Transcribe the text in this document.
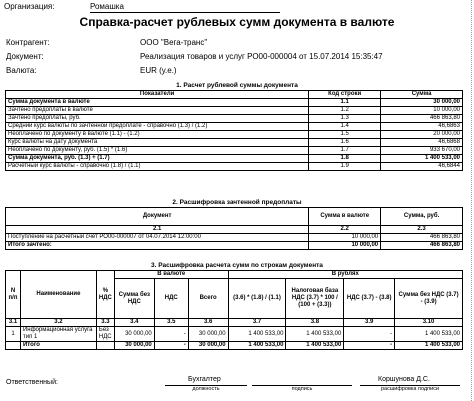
Организация:	Ромашка
Справка-расчет рублевых сумм документа в валюте
Контрагент:	ООО "Вега-транс"
Документ:	Реализация товаров и услуг РО00-000004 от 15.07.2014 15:35:47
Валюта:	EUR (у.е.)
1. Расчет рублевой суммы документа
Показатели	Код строки	Сумма
Сумма документа в валюте	1.1	30 000,00
Зачтено предоплаты в валюте	1.2	10 000,00
Зачтено предоплаты, руб.	1.3	466 863,80
Средний курс валюты по зачтенной предоплате - справочно (1.3) / (1.2)	1.4	46,6863
Неоплачено по документу в валюте (1.1) - (1.2)	1.5	20 000,00
Курс валюты на дату документа	1.6	46,6868
Неоплачено по документу, руб. (1.5) * (1.6)	1.7	933 670,00
Сумма документа, руб. (1.3) + (1.7)	1.8	1 400 533,00
Расчетный курс валюты - справочно (1.8) / (1.1)	1.9	46,6844
2. Расшифровка зачтенной предоплаты
Документ	Сумма в валюте	Сумма, руб.
2.1	2.2	2.3
Поступление на расчетный счет РО00-000007 от 04.07.2014 12:00:00	10 000,00	466 863,80
Итого зачтено:	10 000,00	466 863,80
3. Расшифровка расчета сумм по строкам документа
N п/п	Наименование	% НДС	В валюте			В рублях			
			Сумма без НДС	НДС	Всего	(3.6) * (1.8) / (1.1)	Налоговая база НДС (3.7) * 100 / (100 + (3.3))	НДС (3.7) - (3.8)	Сумма без НДС (3.7) - (3.9)
3.1	3.2	3.3	3.4	3.5	3.6	3.7	3.8	3.9	3.10
1	Информационная услуга тип 1	Без НДС	30 000,00	-	30 000,00	1 400 533,00	1 400 533,00	-	1 400 533,00
	Итого		30 000,00	-	30 000,00	1 400 533,00	1 400 533,00	-	1 400 533,00
Ответственный:	Бухгалтер	Коршунова Д.С.
должность	подпись	расшифровка подписи
